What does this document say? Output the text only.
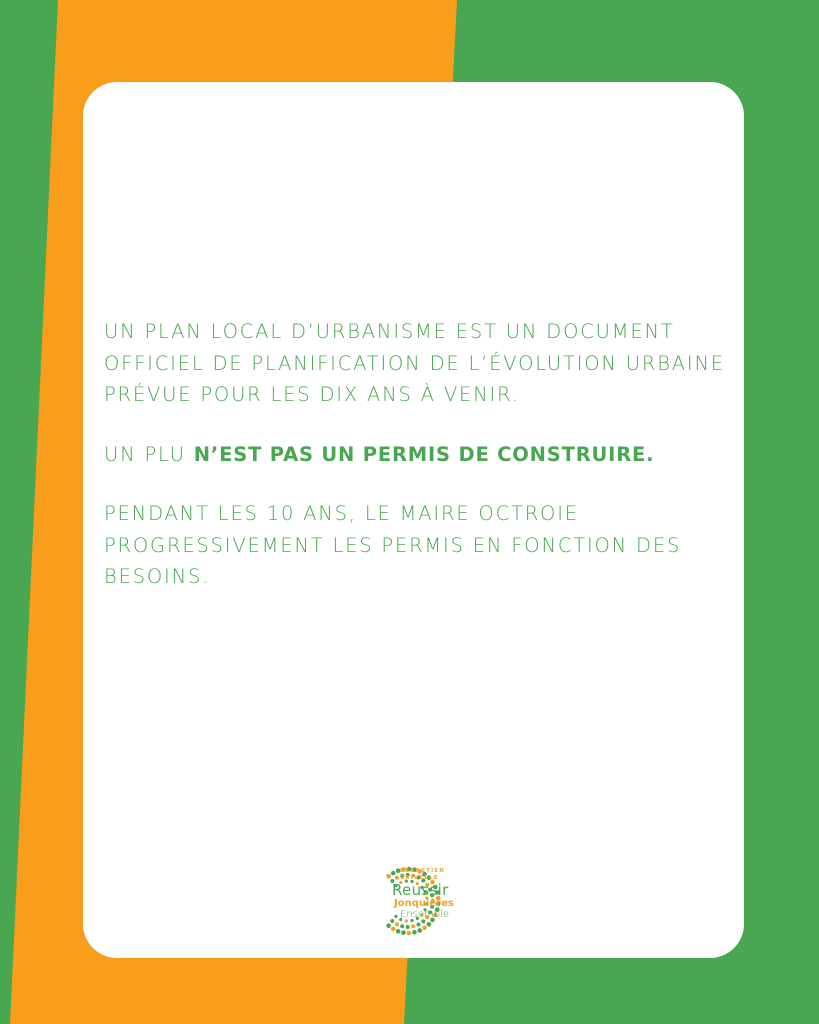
UN PLAN LOCAL D’URBANISME EST UN DOCUMENT OFFICIEL DE PLANIFICATION DE L’ÉVOLUTION URBAINE PRÉVUE POUR LES DIX ANS À VENIR.

UN PLU N’EST PAS UN PERMIS DE CONSTRUIRE.

PENDANT LES 10 ANS, LE MAIRE OCTROIE PROGRESSIVEMENT LES PERMIS EN FONCTION DES BESOINS.

SEBASTIEN
CRIVELLE
Reussir
Jonquières
Ensemble
